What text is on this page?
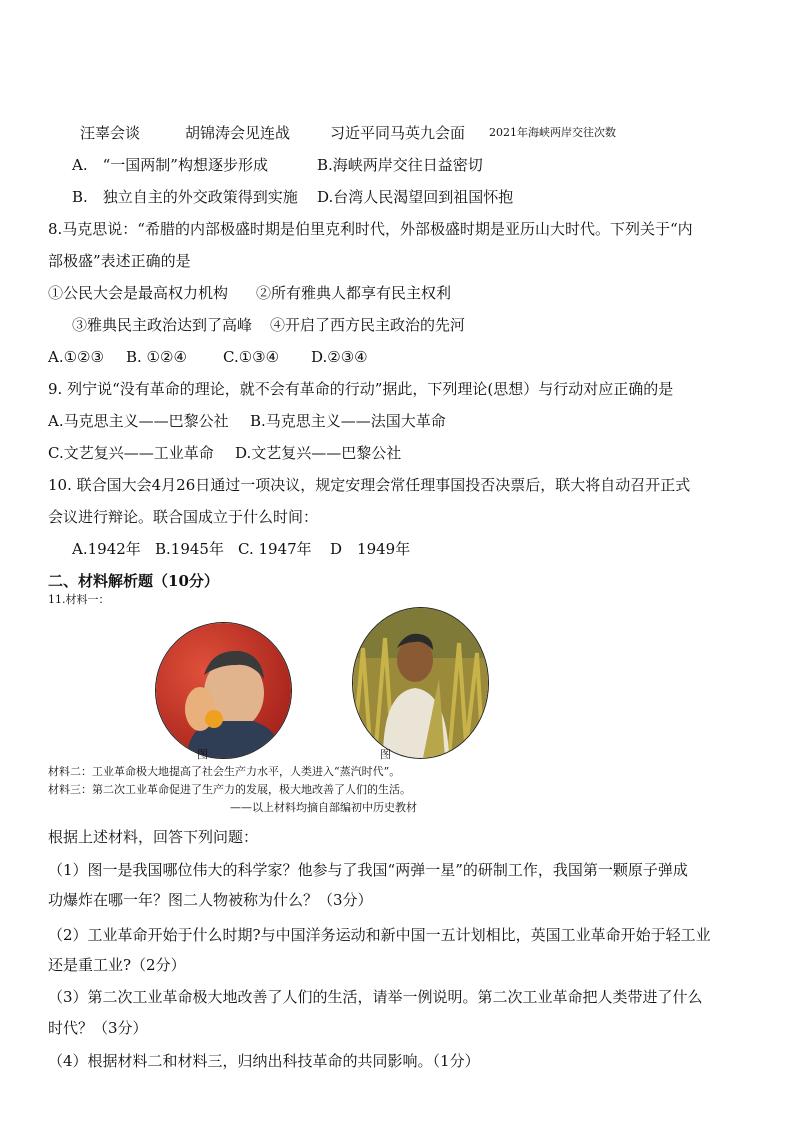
汪辜会谈	胡锦涛会见连战	习近平同马英九会面 2021年海峡两岸交往次数
A.　“一国两制”构想逐步形成	B.海峡两岸交往日益密切
B.　独立自主的外交政策得到实施 D.台湾人民渴望回到祖国怀抱
8.马克思说：“希腊的内部极盛时期是伯里克利时代，外部极盛时期是亚历山大时代。下列关于“内
部极盛”表述正确的是
①公民大会是最高权力机构 ②所有雅典人都享有民主权利
③雅典民主政治达到了高峰 ④开启了西方民主政治的先河
A.①②③ B. ①②④ C.①③④ D.②③④
9. 列宁说“没有革命的理论，就不会有革命的行动”据此，下列理论(思想）与行动对应正确的是
A.马克思主义——巴黎公社 B.马克思主义——法国大革命
C.文艺复兴——工业革命 D.文艺复兴——巴黎公社
10. 联合国大会4月26日通过一项决议，规定安理会常任理事国投否决票后，联大将自动召开正式
会议进行辩论。联合国成立于什么时间：
A.1942年 B.1945年 C. 1947年 D　1949年
二、材料解析题（10分）
11.材料一：
图	图
材料二：工业革命极大地提高了社会生产力水平，人类进入“蒸汽时代”。
材料三：第二次工业革命促进了生产力的发展，极大地改善了人们的生活。
——以上材料均摘自部编初中历史教材
根据上述材料，回答下列问题：
（1）图一是我国哪位伟大的科学家？他参与了我国“两弹一星”的研制工作，我国第一颗原子弹成
功爆炸在哪一年？图二人物被称为什么？（3分）
（2）工业革命开始于什么时期?与中国洋务运动和新中国一五计划相比，英国工业革命开始于轻工业
还是重工业?（2分）
（3）第二次工业革命极大地改善了人们的生活，请举一例说明。第二次工业革命把人类带进了什么
时代？（3分）
（4）根据材料二和材料三，归纳出科技革命的共同影响。（1分）
